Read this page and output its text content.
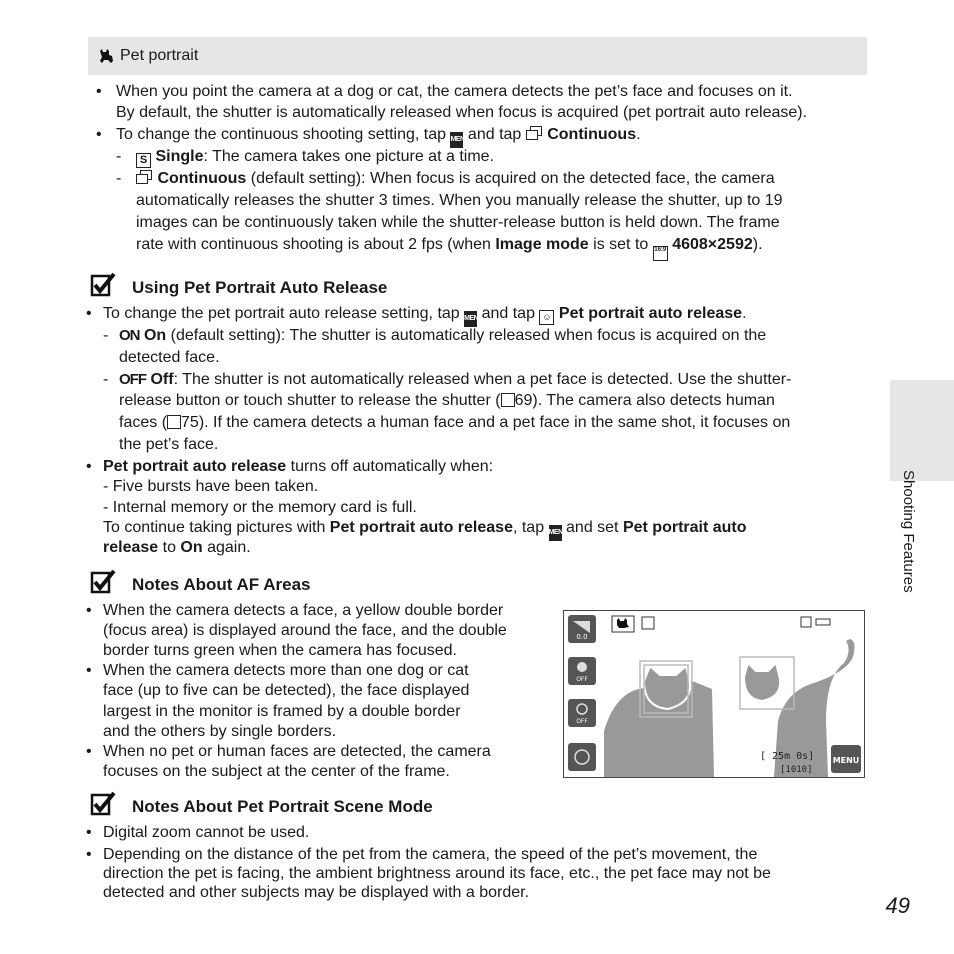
Pet portrait
• When you point the camera at a dog or cat, the camera detects the pet’s face and focuses on it.
By default, the shutter is automatically released when focus is acquired (pet portrait auto release).
• To change the continuous shooting setting, tap MENU and tap Continuous.
-	S Single: The camera takes one picture at a time.
-	Continuous (default setting): When focus is acquired on the detected face, the camera
automatically releases the shutter 3 times. When you manually release the shutter, up to 19
images can be continuously taken while the shutter-release button is held down. The frame
rate with continuous shooting is about 2 fps (when Image mode is set to 16:9 4608×2592).
Using Pet Portrait Auto Release
• To change the pet portrait auto release setting, tap MENU and tap ☺ Pet portrait auto release.
- ON On (default setting): The shutter is automatically released when focus is acquired on the
detected face.
- OFF Off: The shutter is not automatically released when a pet face is detected. Use the shutter-
release button or touch shutter to release the shutter ( 69). The camera also detects human
faces ( 75). If the camera detects a human face and a pet face in the same shot, it focuses on
the pet’s face.
• Pet portrait auto release turns off automatically when:
- Five bursts have been taken.
- Internal memory or the memory card is full.
To continue taking pictures with Pet portrait auto release, tap MENU and set Pet portrait auto
release to On again.
Notes About AF Areas
• When the camera detects a face, a yellow double border
(focus area) is displayed around the face, and the double
border turns green when the camera has focused.
• When the camera detects more than one dog or cat
face (up to five can be detected), the face displayed
largest in the monitor is framed by a double border
and the others by single borders.
• When no pet or human faces are detected, the camera
focuses on the subject at the center of the frame.
0.0
OFF
OFF
[ 25m 0s]
[1010]
MENU
Notes About Pet Portrait Scene Mode
• Digital zoom cannot be used.
• Depending on the distance of the pet from the camera, the speed of the pet’s movement, the
direction the pet is facing, the ambient brightness around its face, etc., the pet face may not be
detected and other subjects may be displayed with a border.
Shooting Features
49
